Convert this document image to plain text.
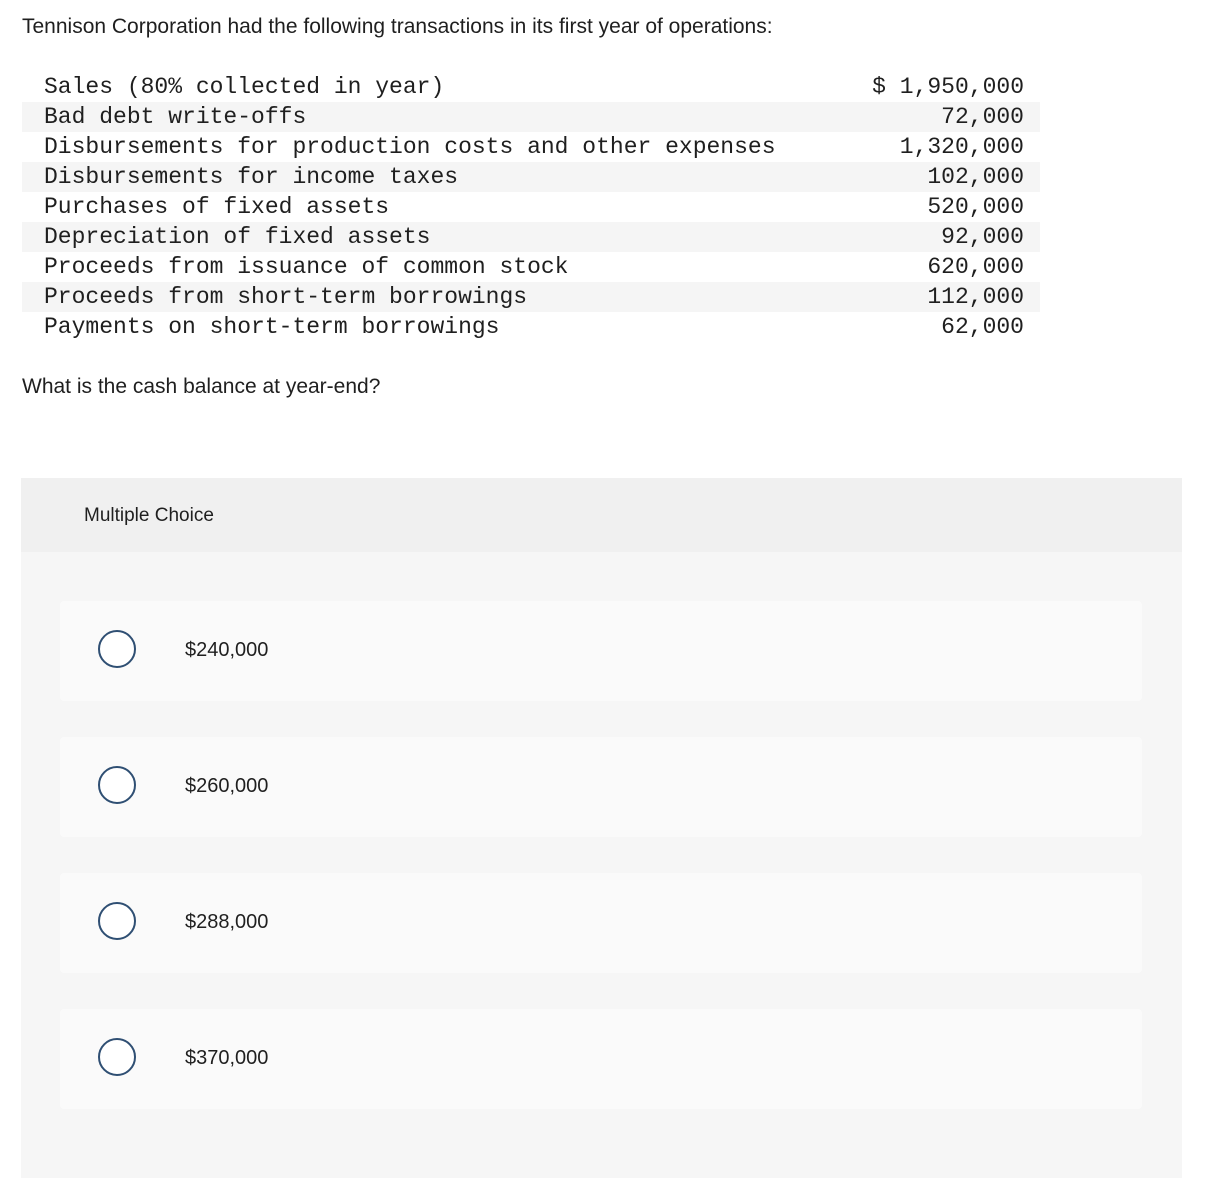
Tennison Corporation had the following transactions in its first year of operations:
Sales (80% collected in year)	$ 1,950,000
Bad debt write-offs	72,000
Disbursements for production costs and other expenses	1,320,000
Disbursements for income taxes	102,000
Purchases of fixed assets	520,000
Depreciation of fixed assets	92,000
Proceeds from issuance of common stock	620,000
Proceeds from short-term borrowings	112,000
Payments on short-term borrowings	62,000
What is the cash balance at year-end?
Multiple Choice
$240,000
$260,000
$288,000
$370,000
